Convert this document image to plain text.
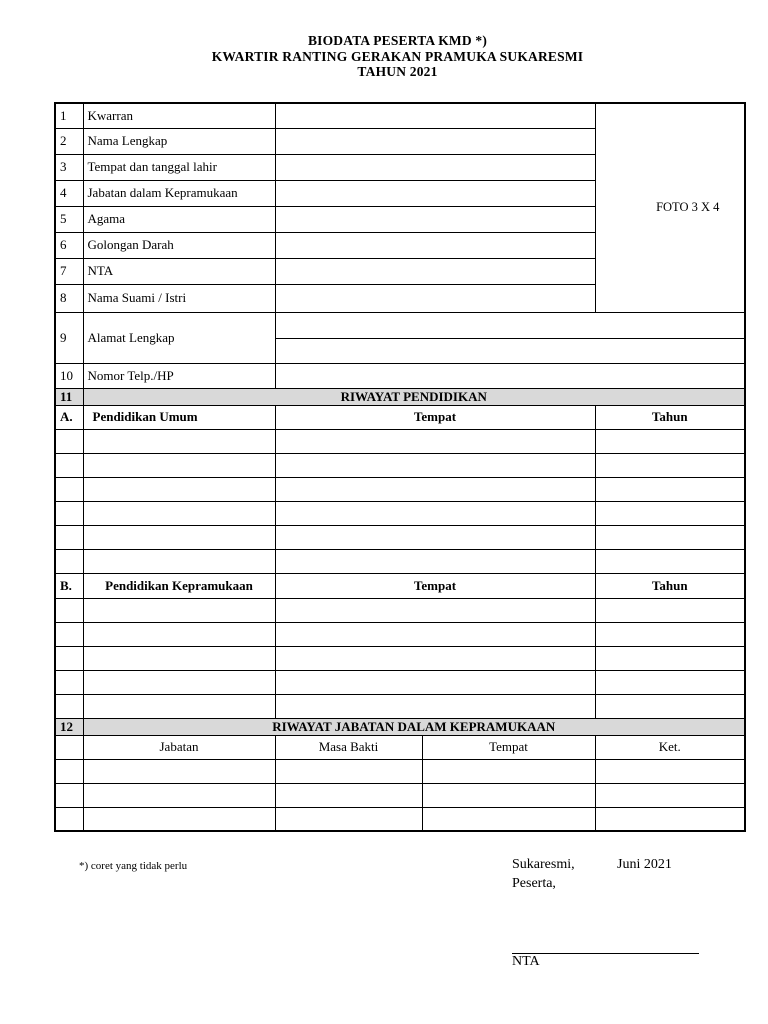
BIODATA PESERTA KMD *)
KWARTIR RANTING GERAKAN PRAMUKA SUKARESMI
TAHUN 2021
1	Kwarran			FOTO 3 X 4
2	Nama Lengkap			
3	Tempat dan tanggal lahir			
4	Jabatan dalam Kepramukaan			
5	Agama			
6	Golongan Darah			
7	NTA			
8	Nama Suami / Istri			
9	Alamat Lengkap			

10	Nomor Telp./HP			
11	RIWAYAT PENDIDIKAN			
A.	Pendidikan Umum	Tempat		Tahun

B.	Pendidikan Kepramukaan	Tempat		Tahun

12	RIWAYAT JABATAN DALAM KEPRAMUKAAN			
	Jabatan	Masa Bakti	Tempat	Ket.

*) coret yang tidak perlu	Sukaresmi,	Juni 2021
Peserta,
NTA
